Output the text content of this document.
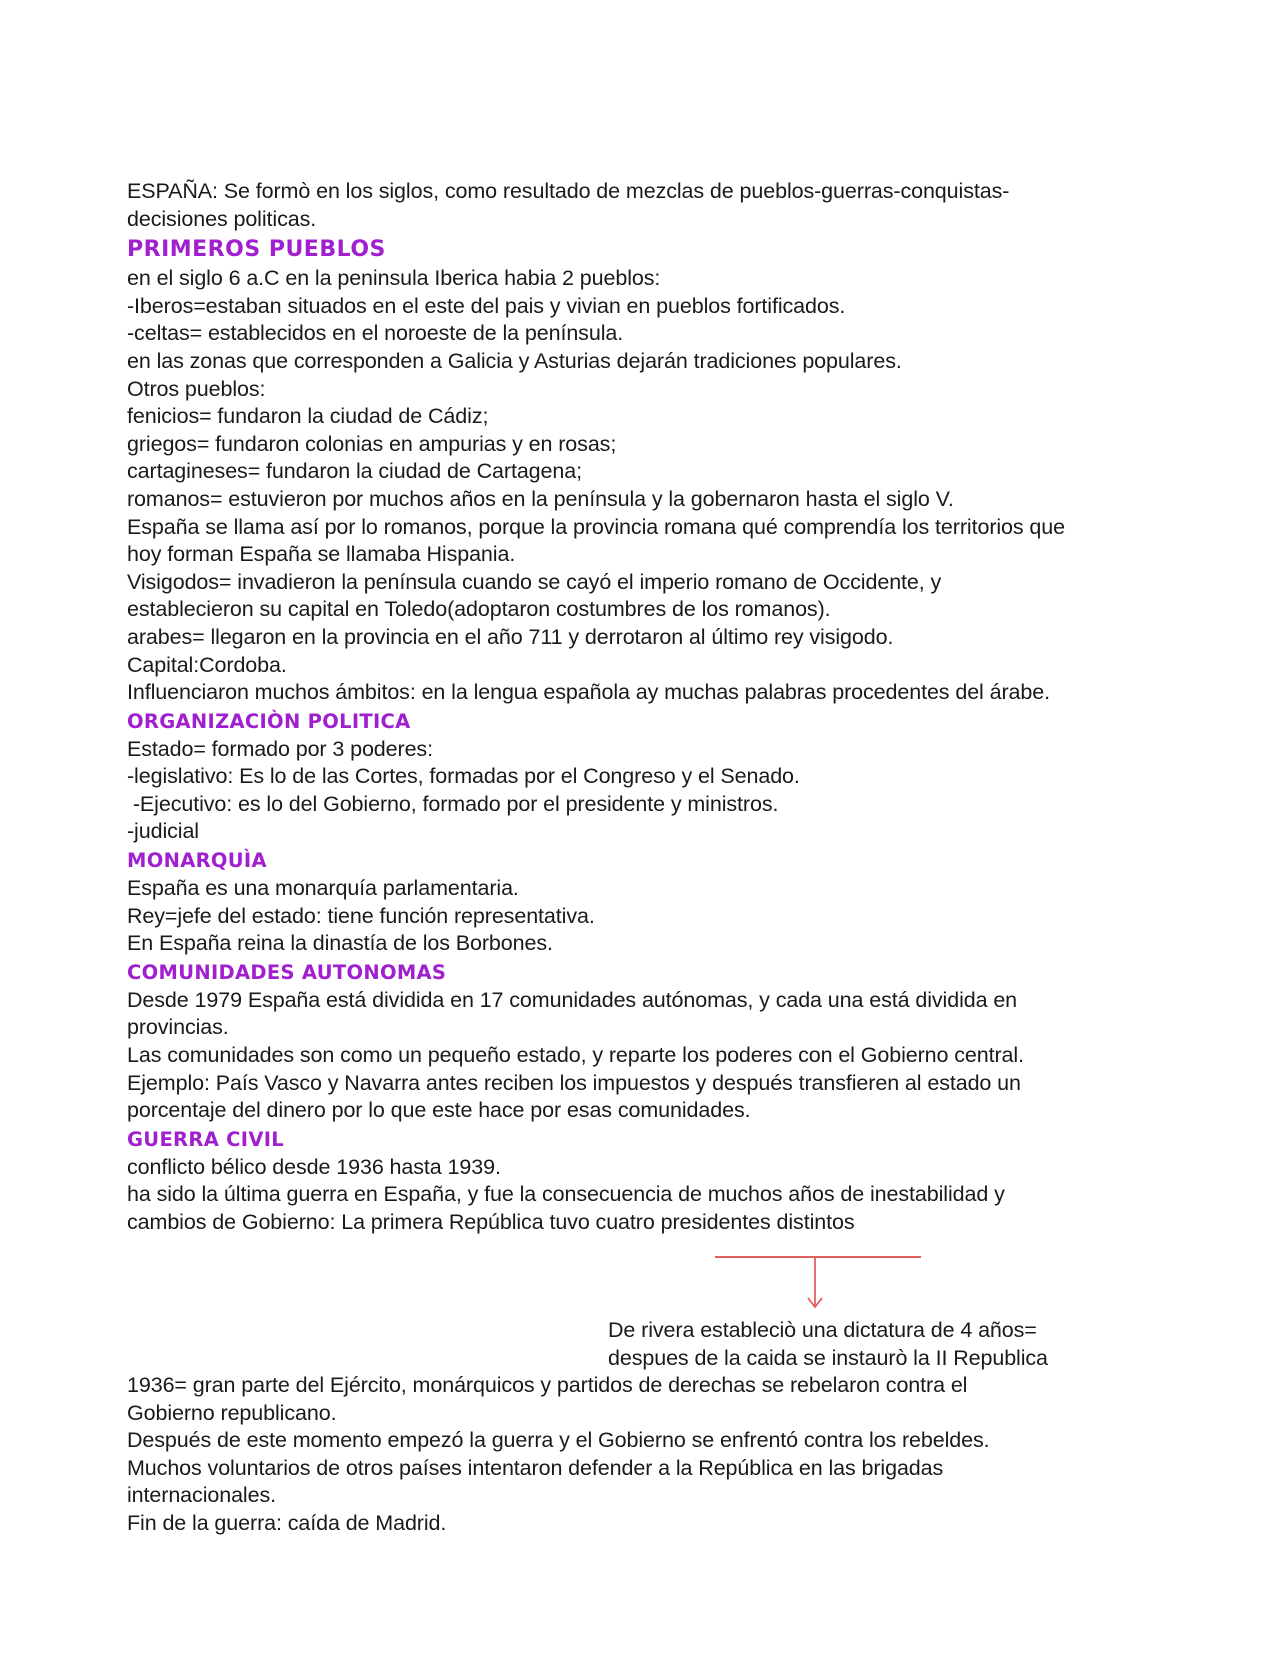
ESPAÑA: Se formò en los siglos, como resultado de mezclas de pueblos-guerras-conquistas-
decisiones politicas.
PRIMEROS PUEBLOS
en el siglo 6 a.C en la peninsula Iberica habia 2 pueblos:
-Iberos=estaban situados en el este del pais y vivian en pueblos fortificados.
-celtas= establecidos en el noroeste de la península.
en las zonas que corresponden a Galicia y Asturias dejarán tradiciones populares.
Otros pueblos:
fenicios= fundaron la ciudad de Cádiz;
griegos= fundaron colonias en ampurias y en rosas;
cartagineses= fundaron la ciudad de Cartagena;
romanos= estuvieron por muchos años en la península y la gobernaron hasta el siglo V.
España se llama así por lo romanos, porque la provincia romana qué comprendía los territorios que
hoy forman España se llamaba Hispania.
Visigodos= invadieron la península cuando se cayó el imperio romano de Occidente, y
establecieron su capital en Toledo(adoptaron costumbres de los romanos).
arabes= llegaron en la provincia en el año 711 y derrotaron al último rey visigodo.
Capital:Cordoba.
Influenciaron muchos ámbitos: en la lengua española ay muchas palabras procedentes del árabe.
ORGANIZACIÒN POLITICA
Estado= formado por 3 poderes:
-legislativo: Es lo de las Cortes, formadas por el Congreso y el Senado.
-Ejecutivo: es lo del Gobierno, formado por el presidente y ministros.
-judicial
MONARQUÌA
España es una monarquía parlamentaria.
Rey=jefe del estado: tiene función representativa.
En España reina la dinastía de los Borbones.
COMUNIDADES AUTONOMAS
Desde 1979 España está dividida en 17 comunidades autónomas, y cada una está dividida en
provincias.
Las comunidades son como un pequeño estado, y reparte los poderes con el Gobierno central.
Ejemplo: País Vasco y Navarra antes reciben los impuestos y después transfieren al estado un
porcentaje del dinero por lo que este hace por esas comunidades.
GUERRA CIVIL
conflicto bélico desde 1936 hasta 1939.
ha sido la última guerra en España, y fue la consecuencia de muchos años de inestabilidad y
cambios de Gobierno: La primera República tuvo cuatro presidentes distintos
De rivera estableciò una dictatura de 4 años=
despues de la caida se instaurò la II Republica
1936= gran parte del Ejército, monárquicos y partidos de derechas se rebelaron contra el
Gobierno republicano.
Después de este momento empezó la guerra y el Gobierno se enfrentó contra los rebeldes.
Muchos voluntarios de otros países intentaron defender a la República en las brigadas
internacionales.
Fin de la guerra: caída de Madrid.
